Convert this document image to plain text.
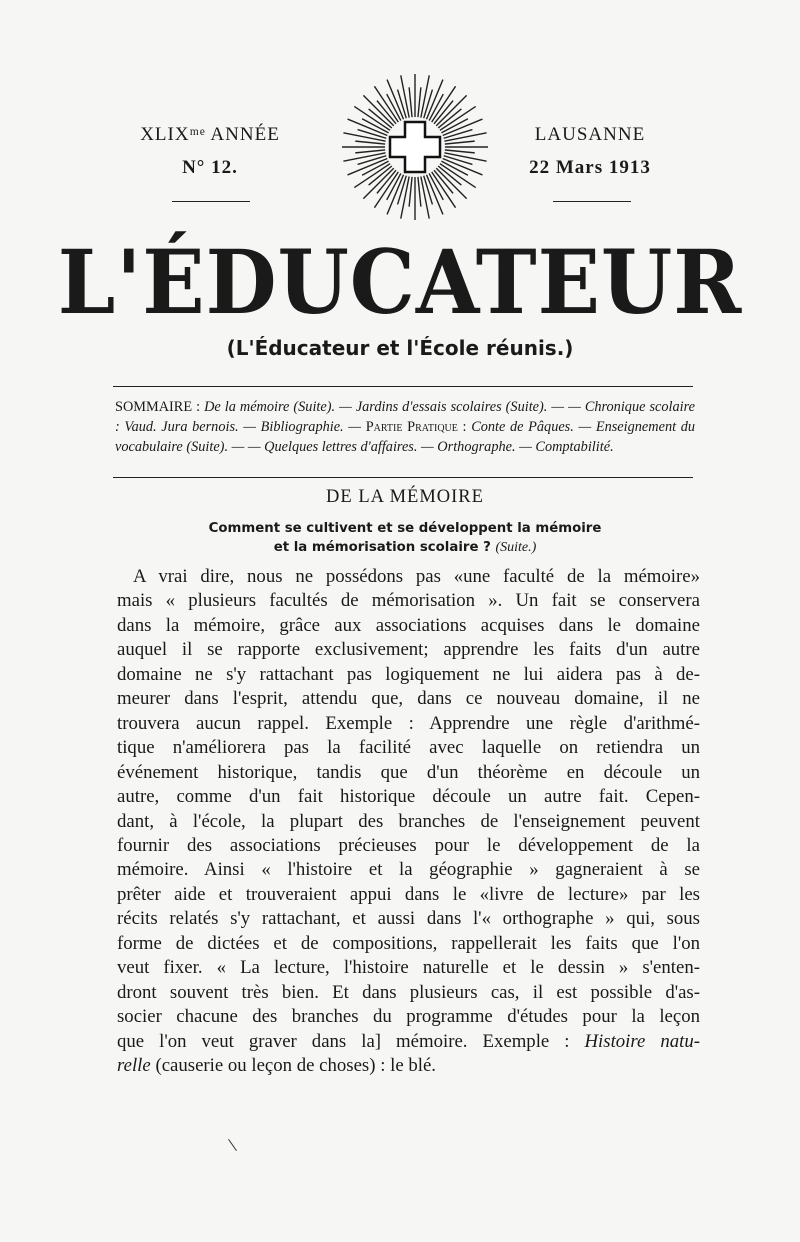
XLIXᵐᵉ ANNÉE
N° 12.
LAUSANNE
22 Mars 1913
L'ÉDUCATEUR
(L'Éducateur et l'École réunis.)
SOMMAIRE : De la mémoire (Suite). — Jardins d'essais scolaires (Suite). — — Chronique scolaire : Vaud. Jura bernois. — Bibliographie. — Partie Pratique : Conte de Pâques. — Enseignement du vocabulaire (Suite). — — Quelques lettres d'affaires. — Orthographe. — Comptabilité.
DE LA MÉMOIRE
Comment se cultivent et se développent la mémoire
et la mémorisation scolaire ? (Suite.)
A vrai dire, nous ne possédons pas «une faculté de la mémoire»
mais « plusieurs facultés de mémorisation ». Un fait se conservera
dans la mémoire, grâce aux associations acquises dans le domaine
auquel il se rapporte exclusivement; apprendre les faits d'un autre
domaine ne s'y rattachant pas logiquement ne lui aidera pas à de-
meurer dans l'esprit, attendu que, dans ce nouveau domaine, il ne
trouvera aucun rappel. Exemple : Apprendre une règle d'arithmé-
tique n'améliorera pas la facilité avec laquelle on retiendra un
événement historique, tandis que d'un théorème en découle un
autre, comme d'un fait historique découle un autre fait. Cepen-
dant, à l'école, la plupart des branches de l'enseignement peuvent
fournir des associations précieuses pour le développement de la
mémoire. Ainsi « l'histoire et la géographie » gagneraient à se
prêter aide et trouveraient appui dans le «livre de lecture» par les
récits relatés s'y rattachant, et aussi dans l'« orthographe » qui, sous
forme de dictées et de compositions, rappellerait les faits que l'on
veut fixer. « La lecture, l'histoire naturelle et le dessin » s'enten-
dront souvent très bien. Et dans plusieurs cas, il est possible d'as-
socier chacune des branches du programme d'études pour la leçon
que l'on veut graver dans la] mémoire. Exemple : Histoire natu-
relle (causerie ou leçon de choses) : le blé.
